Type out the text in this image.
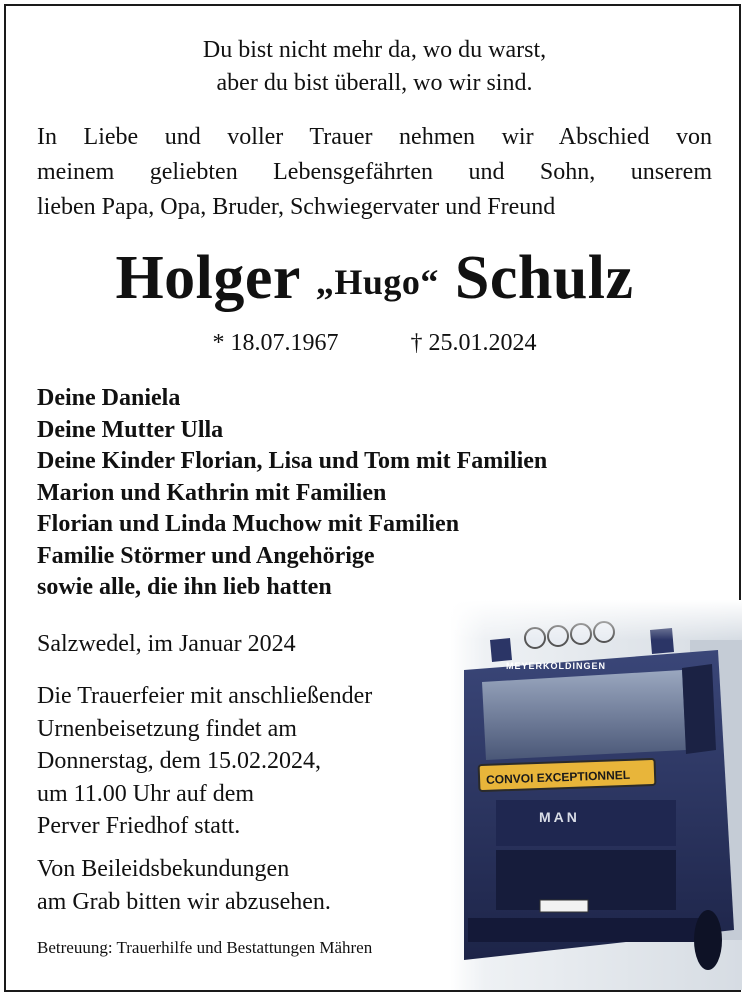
Du bist nicht mehr da, wo du warst,
aber du bist überall, wo wir sind.
In Liebe und voller Trauer nehmen wir Abschied von
meinem geliebten Lebensgefährten und Sohn, unserem
lieben Papa, Opa, Bruder, Schwiegervater und Freund
Holger „Hugo“ Schulz
* 18.07.1967	† 25.01.2024
Deine Daniela
Deine Mutter Ulla
Deine Kinder Florian, Lisa und Tom mit Familien
Marion und Kathrin mit Familien
Florian und Linda Muchow mit Familien
Familie Störmer und Angehörige
sowie alle, die ihn lieb hatten
Salzwedel, im Januar 2024
Die Trauerfeier mit anschließender
Urnenbeisetzung findet am
Donnerstag, dem 15.02.2024,
um 11.00 Uhr auf dem
Perver Friedhof statt.
Von Beileidsbekundungen
am Grab bitten wir abzusehen.
Betreuung: Trauerhilfe und Bestattungen Mähren
MEYERKOLDINGEN
CONVOI EXCEPTIONNEL
MAN
